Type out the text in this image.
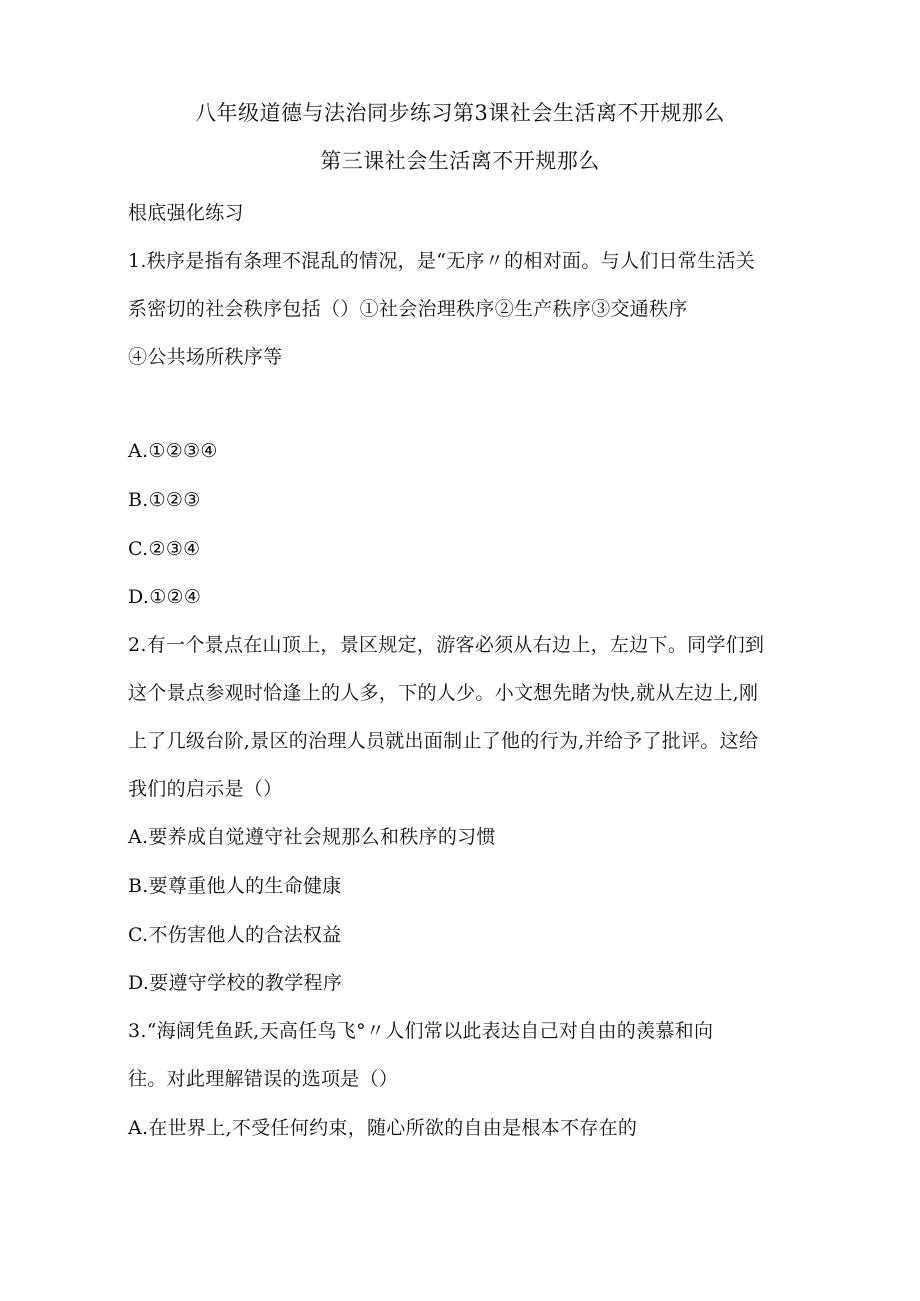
八年级道德与法治同步练习第3课社会生活离不开规那么
第三课社会生活离不开规那么
根底强化练习
1.秩序是指有条理不混乱的情况，是“无序〃的相对面。与人们日常生活关
系密切的社会秩序包括（）①社会治理秩序②生产秩序③交通秩序
④公共场所秩序等
A.①②③④
B.①②③
C.②③④
D.①②④
2.有一个景点在山顶上，景区规定，游客必须从右边上，左边下。同学们到
这个景点参观时恰逢上的人多，下的人少。小文想先睹为快,就从左边上,刚
上了几级台阶,景区的治理人员就出面制止了他的行为,并给予了批评。这给
我们的启示是（）
A.要养成自觉遵守社会规那么和秩序的习惯
B.要尊重他人的生命健康
C.不伤害他人的合法权益
D.要遵守学校的教学程序
3.“海阔凭鱼跃,天高任鸟飞°〃人们常以此表达自己对自由的羡慕和向
往。对此理解错误的选项是（）
A.在世界上,不受任何约束，随心所欲的自由是根本不存在的
